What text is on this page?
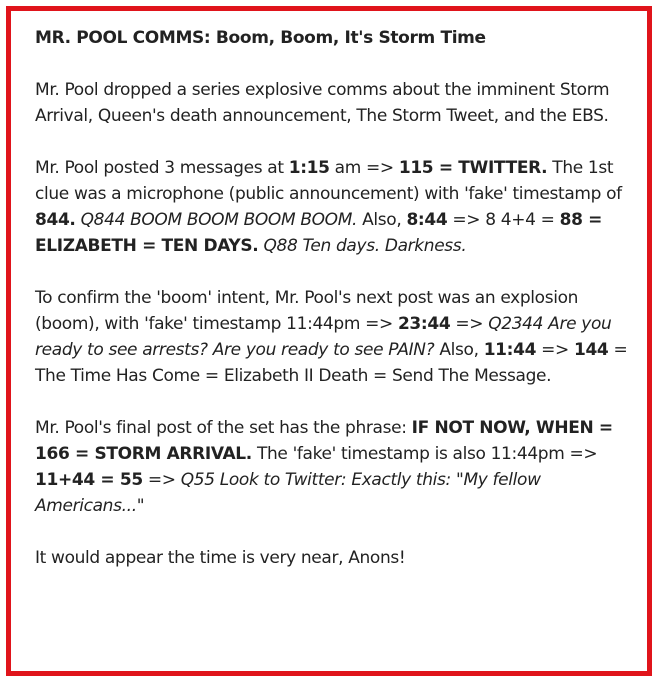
MR. POOL COMMS: Boom, Boom, It's Storm Time

Mr. Pool dropped a series explosive comms about the imminent Storm Arrival, Queen's death announcement, The Storm Tweet, and the EBS.

Mr. Pool posted 3 messages at 1:15 am => 115 = TWITTER. The 1st clue was a microphone (public announcement) with 'fake' timestamp of 844. Q844 BOOM BOOM BOOM BOOM. Also, 8:44 => 8 4+4 = 88 = ELIZABETH = TEN DAYS. Q88 Ten days. Darkness.

To confirm the 'boom' intent, Mr. Pool's next post was an explosion (boom), with 'fake' timestamp 11:44pm => 23:44 => Q2344 Are you ready to see arrests? Are you ready to see PAIN? Also, 11:44 => 144 = The Time Has Come = Elizabeth II Death = Send The Message.

Mr. Pool's final post of the set has the phrase: IF NOT NOW, WHEN = 166 = STORM ARRIVAL. The 'fake' timestamp is also 11:44pm => 11+44 = 55 => Q55 Look to Twitter: Exactly this: "My fellow Americans..."

It would appear the time is very near, Anons!
